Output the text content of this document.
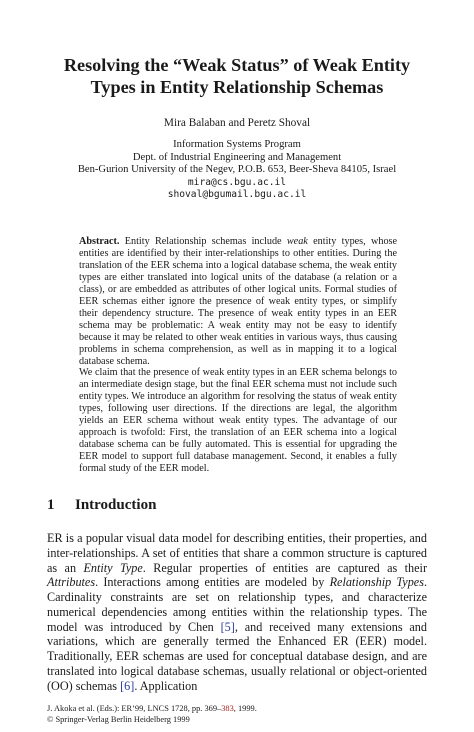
Resolving the “Weak Status” of Weak Entity
Types in Entity Relationship Schemas
Mira Balaban and Peretz Shoval
Information Systems Program
Dept. of Industrial Engineering and Management
Ben-Gurion University of the Negev, P.O.B. 653, Beer-Sheva 84105, Israel
mira@cs.bgu.ac.il
shoval@bgumail.bgu.ac.il

Abstract. Entity Relationship schemas include weak entity types, whose entities are identified by their inter-relationships to other entities. During the translation of the EER schema into a logical database schema, the weak entity types are either translated into logical units of the database (a relation or a class), or are embedded as attributes of other logical units. Formal studies of EER schemas either ignore the presence of weak entity types, or simplify their dependency structure. The presence of weak entity types in an EER schema may be problematic: A weak entity may not be easy to identify because it may be related to other weak entities in various ways, thus causing problems in schema comprehension, as well as in mapping it to a logical database schema.

We claim that the presence of weak entity types in an EER schema belongs to an intermediate design stage, but the final EER schema must not include such entity types. We introduce an algorithm for resolving the status of weak entity types, following user directions. If the directions are legal, the algorithm yields an EER schema without weak entity types. The advantage of our approach is twofold: First, the translation of an EER schema into a logical database schema can be fully automated. This is essential for upgrading the EER model to support full database management. Second, it enables a fully formal study of the EER model.

1 Introduction

ER is a popular visual data model for describing entities, their properties, and inter-relationships. A set of entities that share a common structure is captured as an Entity Type. Regular properties of entities are captured as their Attributes. Interactions among entities are modeled by Relationship Types. Cardinality constraints are set on relationship types, and characterize numerical dependencies among entities within the relationship types. The model was introduced by Chen [5], and received many extensions and variations, which are generally termed the Enhanced ER (EER) model. Traditionally, EER schemas are used for conceptual database design, and are translated into logical database schemas, usually relational or object-oriented (OO) schemas [6]. Application

J. Akoka et al. (Eds.): ER’99, LNCS 1728, pp. 369–383, 1999.
© Springer-Verlag Berlin Heidelberg 1999
